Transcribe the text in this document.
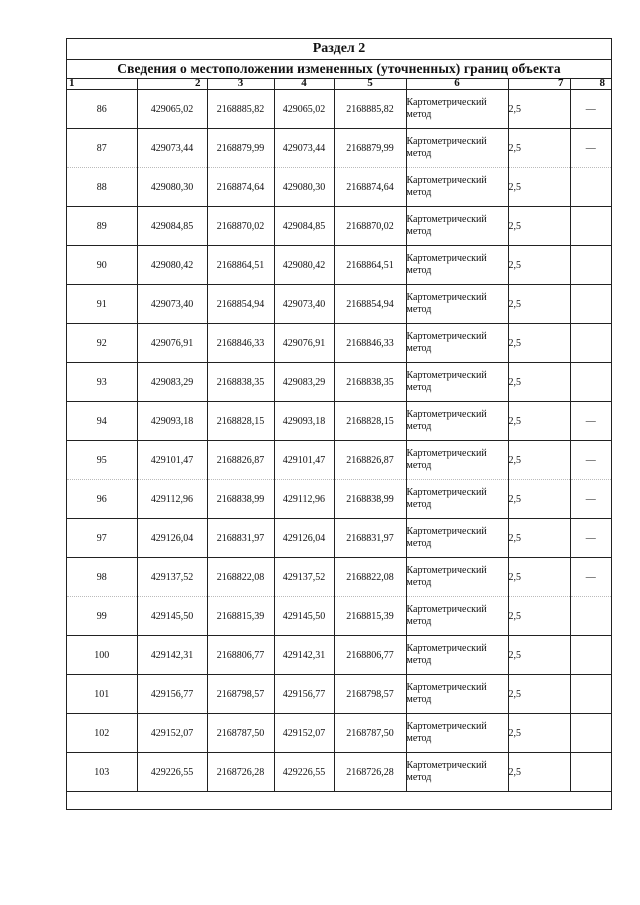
Раздел 2
Сведения о местоположении измененных (уточненных) границ объекта
1	2	3	4	5	6	7	8
86	429065,02	2168885,82	429065,02	2168885,82	Картометрический
метод	2,5	—
87	429073,44	2168879,99	429073,44	2168879,99	Картометрический
метод	2,5	—
88	429080,30	2168874,64	429080,30	2168874,64	Картометрический
метод	2,5	
89	429084,85	2168870,02	429084,85	2168870,02	Картометрический
метод	2,5	
90	429080,42	2168864,51	429080,42	2168864,51	Картометрический
метод	2,5	
91	429073,40	2168854,94	429073,40	2168854,94	Картометрический
метод	2,5	
92	429076,91	2168846,33	429076,91	2168846,33	Картометрический
метод	2,5	
93	429083,29	2168838,35	429083,29	2168838,35	Картометрический
метод	2,5	
94	429093,18	2168828,15	429093,18	2168828,15	Картометрический
метод	2,5	—
95	429101,47	2168826,87	429101,47	2168826,87	Картометрический
метод	2,5	—
96	429112,96	2168838,99	429112,96	2168838,99	Картометрический
метод	2,5	—
97	429126,04	2168831,97	429126,04	2168831,97	Картометрический
метод	2,5	—
98	429137,52	2168822,08	429137,52	2168822,08	Картометрический
метод	2,5	—
99	429145,50	2168815,39	429145,50	2168815,39	Картометрический
метод	2,5	
100	429142,31	2168806,77	429142,31	2168806,77	Картометрический
метод	2,5	
101	429156,77	2168798,57	429156,77	2168798,57	Картометрический
метод	2,5	
102	429152,07	2168787,50	429152,07	2168787,50	Картометрический
метод	2,5	
103	429226,55	2168726,28	429226,55	2168726,28	Картометрический
метод	2,5	
